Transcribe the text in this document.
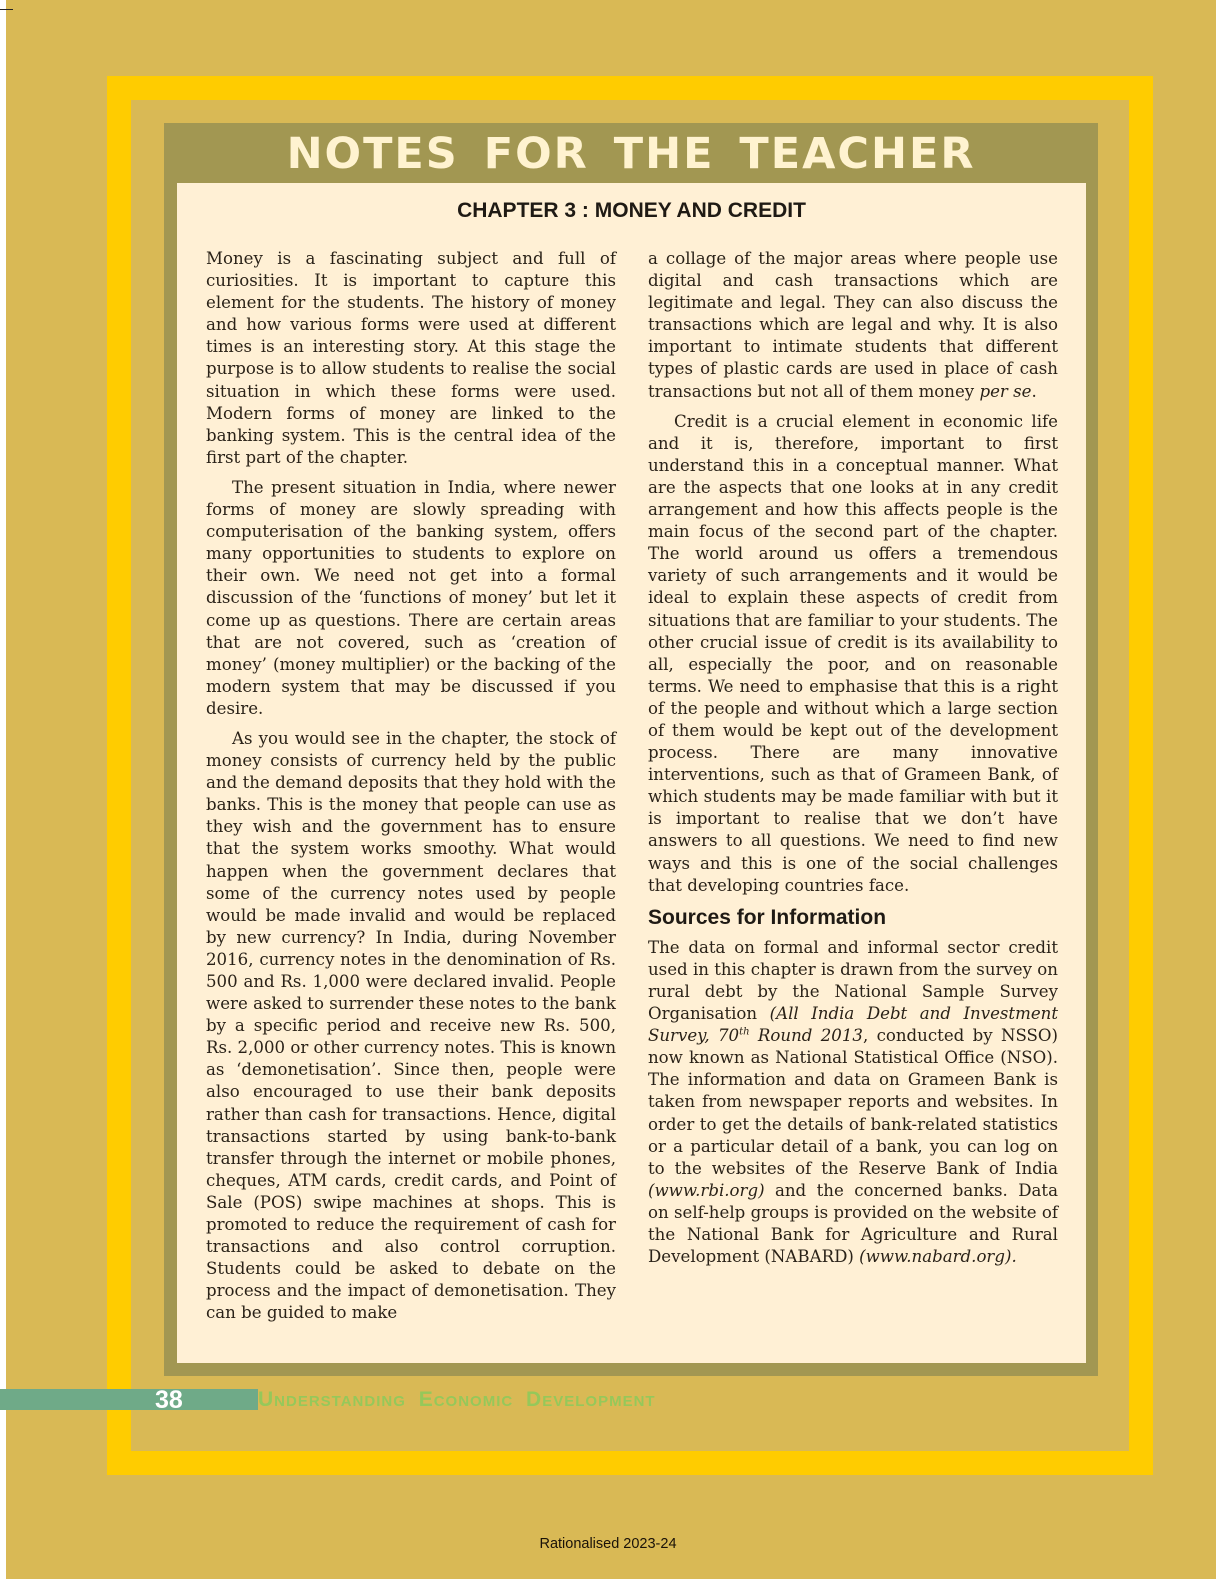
NOTES FOR THE TEACHER
CHAPTER 3 : MONEY AND CREDIT

Money is a fascinating subject and full of curiosities. It is important to capture this element for the students. The history of money and how various forms were used at different times is an interesting story. At this stage the purpose is to allow students to realise the social situation in which these forms were used. Modern forms of money are linked to the banking system. This is the central idea of the first part of the chapter.

The present situation in India, where newer forms of money are slowly spreading with computerisation of the banking system, offers many opportunities to students to explore on their own. We need not get into a formal discussion of the ‘functions of money’ but let it come up as questions. There are certain areas that are not covered, such as ‘creation of money’ (money multiplier) or the backing of the modern system that may be discussed if you desire.

As you would see in the chapter, the stock of money consists of currency held by the public and the demand deposits that they hold with the banks. This is the money that people can use as they wish and the government has to ensure that the system works smoothy. What would happen when the government declares that some of the currency notes used by people would be made invalid and would be replaced by new currency? In India, during November 2016, currency notes in the denomination of Rs. 500 and Rs. 1,000 were declared invalid. People were asked to surrender these notes to the bank by a specific period and receive new Rs. 500, Rs. 2,000 or other currency notes. This is known as ‘demonetisation’. Since then, people were also encouraged to use their bank deposits rather than cash for transactions. Hence, digital transactions started by using bank-to-bank transfer through the internet or mobile phones, cheques, ATM cards, credit cards, and Point of Sale (POS) swipe machines at shops. This is promoted to reduce the requirement of cash for transactions and also control corruption. Students could be asked to debate on the process and the impact of demonetisation. They can be guided to make

a collage of the major areas where people use digital and cash transactions which are legitimate and legal. They can also discuss the transactions which are legal and why. It is also important to intimate students that different types of plastic cards are used in place of cash transactions but not all of them money per se.

Credit is a crucial element in economic life and it is, therefore, important to first understand this in a conceptual manner. What are the aspects that one looks at in any credit arrangement and how this affects people is the main focus of the second part of the chapter. The world around us offers a tremendous variety of such arrangements and it would be ideal to explain these aspects of credit from situations that are familiar to your students. The other crucial issue of credit is its availability to all, especially the poor, and on reasonable terms. We need to emphasise that this is a right of the people and without which a large section of them would be kept out of the development process. There are many innovative interventions, such as that of Grameen Bank, of which students may be made familiar with but it is important to realise that we don’t have answers to all questions. We need to find new ways and this is one of the social challenges that developing countries face.

Sources for Information

The data on formal and informal sector credit used in this chapter is drawn from the survey on rural debt by the National Sample Survey Organisation (All India Debt and Investment Survey, 70th Round 2013, conducted by NSSO) now known as National Statistical Office (NSO). The information and data on Grameen Bank is taken from newspaper reports and websites. In order to get the details of bank-related statistics or a particular detail of a bank, you can log on to the websites of the Reserve Bank of India (www.rbi.org) and the concerned banks. Data on self-help groups is provided on the website of the National Bank for Agriculture and Rural Development (NABARD) (www.nabard.org).

38	Understanding Economic Development
Rationalised 2023-24
